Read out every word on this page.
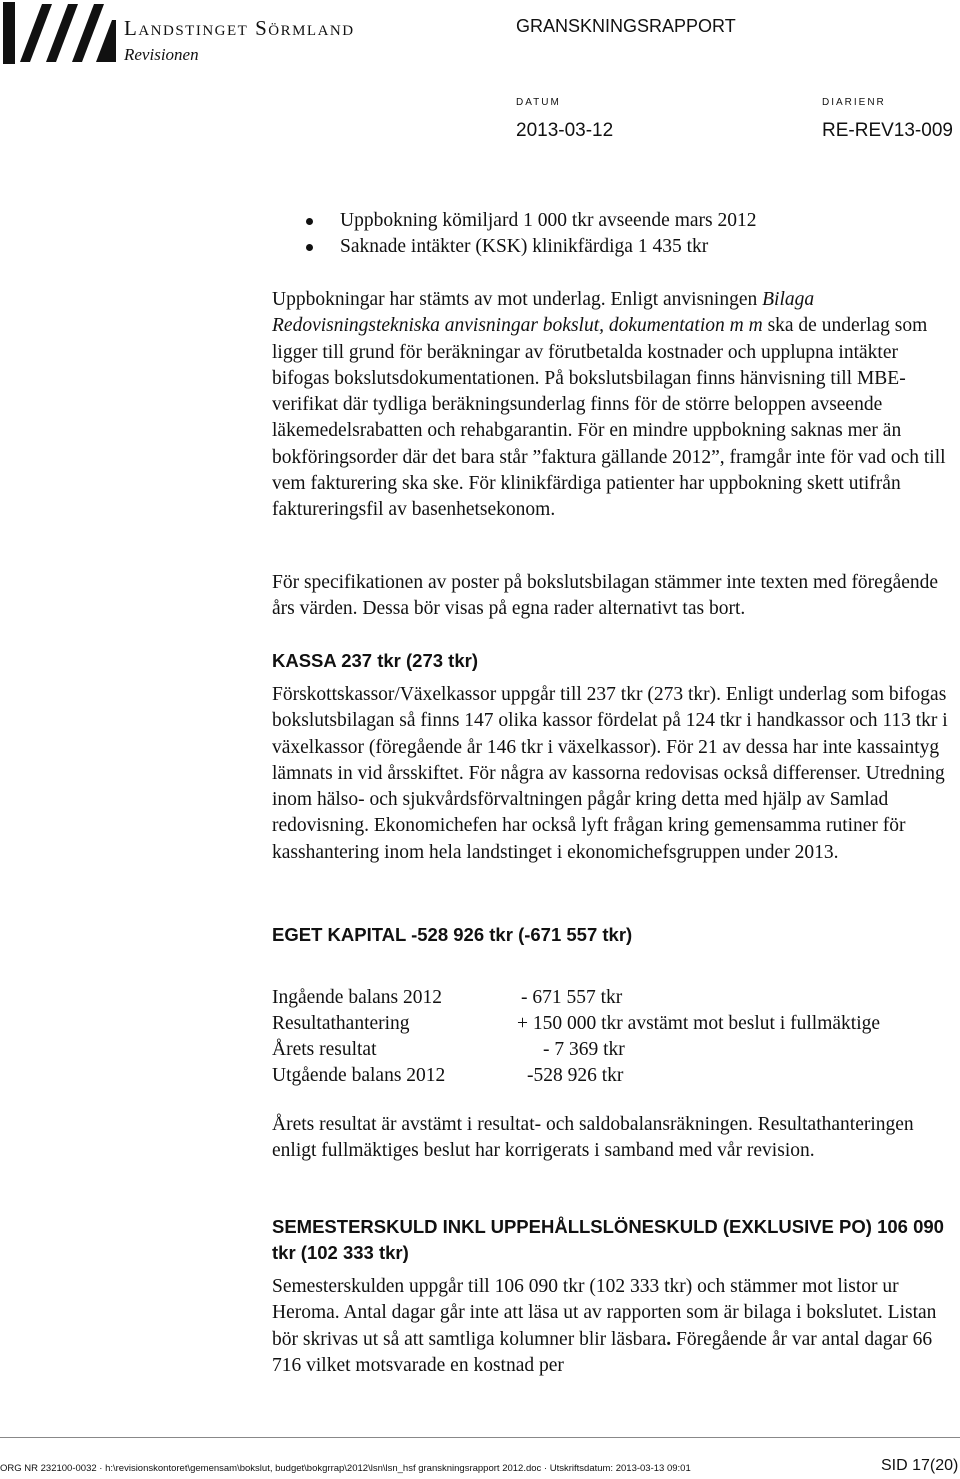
Landstinget Sörmland
Revisionen
GRANSKNINGSRAPPORT
DATUM	DIARIENR
2013-03-12	RE-REV13-009
Uppbokning kömiljard 1 000 tkr avseende mars 2012
Saknade intäkter (KSK) klinikfärdiga 1 435 tkr

Uppbokningar har stämts av mot underlag. Enligt anvisningen Bilaga Redovisningstekniska anvisningar bokslut, dokumentation m m ska de underlag som ligger till grund för beräkningar av förutbetalda kostnader och upplupna intäkter bifogas bokslutsdokumentationen. På bokslutsbilagan finns hänvisning till MBE-verifikat där tydliga beräkningsunderlag finns för de större beloppen avseende läkemedelsrabatten och rehabgarantin. För en mindre uppbokning saknas mer än bokföringsorder där det bara står ”faktura gällande 2012”, framgår inte för vad och till vem fakturering ska ske. För klinikfärdiga patienter har uppbokning skett utifrån faktureringsfil av basenhetsekonom.

För specifikationen av poster på bokslutsbilagan stämmer inte texten med föregående års värden. Dessa bör visas på egna rader alternativt tas bort.

KASSA 237 tkr (273 tkr)

Förskottskassor/Växelkassor uppgår till 237 tkr (273 tkr). Enligt underlag som bifogas bokslutsbilagan så finns 147 olika kassor fördelat på 124 tkr i handkassor och 113 tkr i växelkassor (föregående år 146 tkr i växelkassor). För 21 av dessa har inte kassaintyg lämnats in vid årsskiftet. För några av kassorna redovisas också differenser. Utredning inom hälso- och sjukvårdsförvaltningen pågår kring detta med hjälp av Samlad redovisning. Ekonomichefen har också lyft frågan kring gemensamma rutiner för kasshantering inom hela landstinget i ekonomichefsgruppen under 2013.

EGET KAPITAL -528 926 tkr (-671 557 tkr)

Ingående balans 2012	- 671 557 tkr
Resultathantering	+ 150 000 tkr avstämt mot beslut i fullmäktige
Årets resultat	- 7 369 tkr
Utgående balans 2012	-528 926 tkr

Årets resultat är avstämt i resultat- och saldobalansräkningen. Resultathanteringen enligt fullmäktiges beslut har korrigerats i samband med vår revision.

SEMESTERSKULD INKL UPPEHÅLLSLÖNESKULD (EXKLUSIVE PO) 106 090 tkr (102 333 tkr)

Semesterskulden uppgår till 106 090 tkr (102 333 tkr) och stämmer mot listor ur Heroma. Antal dagar går inte att läsa ut av rapporten som är bilaga i bokslutet. Listan bör skrivas ut så att samtliga kolumner blir läsbara. Föregående år var antal dagar 66 716 vilket motsvarade en kostnad per

ORG NR 232100-0032 · h:\revisionskontoret\gemensam\bokslut, budget\bokgrrap\2012\lsn\lsn_hsf granskningsrapport 2012.doc · Utskriftsdatum: 2013-03-13 09:01	SID 17(20)
